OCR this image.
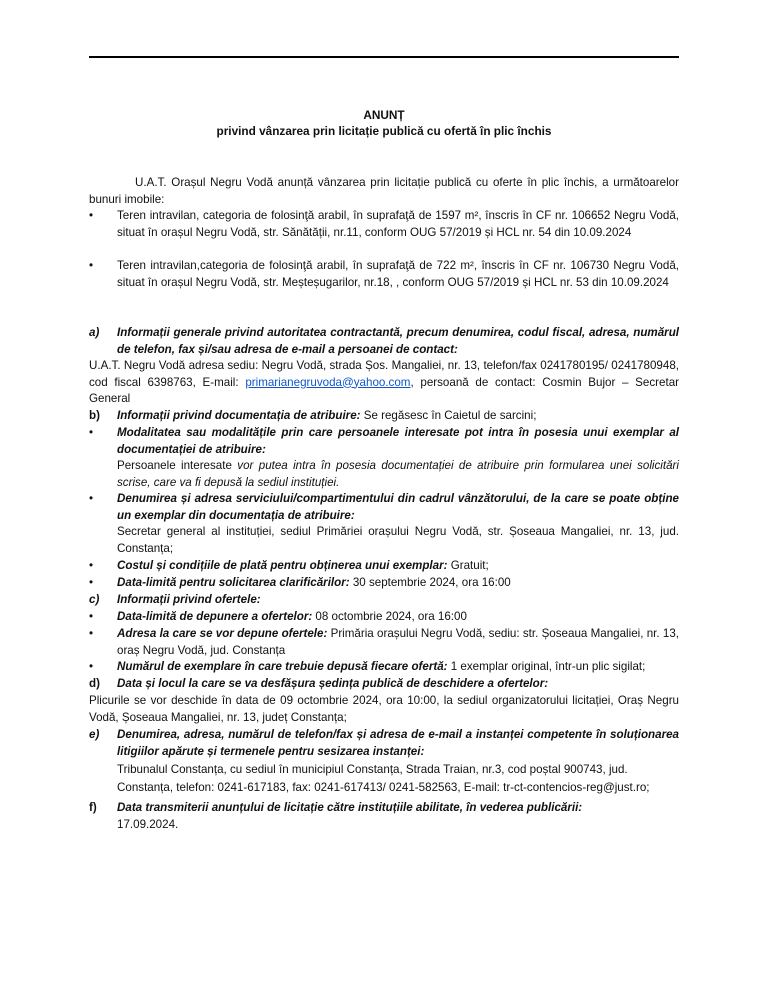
ANUNȚ
privind vânzarea prin licitație publică cu ofertă în plic închis
U.A.T. Orașul Negru Vodă anunță vânzarea prin licitație publică cu oferte în plic închis, a următoarelor bunuri imobile:
• Teren intravilan, categoria de folosinţă arabil, în suprafaţă de 1597 m², înscris în CF nr. 106652 Negru Vodă, situat în orașul Negru Vodă, str. Sănătății, nr.11, conform OUG 57/2019 și HCL nr. 54 din 10.09.2024
• Teren intravilan,categoria de folosinţă arabil, în suprafaţă de 722 m², înscris în CF nr. 106730 Negru Vodă, situat în orașul Negru Vodă, str. Meșteșugarilor, nr.18, , conform OUG 57/2019 și HCL nr. 53 din 10.09.2024
a) Informații generale privind autoritatea contractantă, precum denumirea, codul fiscal, adresa, numărul de telefon, fax și/sau adresa de e-mail a persoanei de contact:
U.A.T. Negru Vodă adresa sediu: Negru Vodă, strada Șos. Mangaliei, nr. 13, telefon/fax 0241780195/ 0241780948, cod fiscal 6398763, E-mail: primarianegruvoda@yahoo.com, persoană de contact: Cosmin Bujor – Secretar General
b) Informații privind documentația de atribuire: Se regăsesc în Caietul de sarcini;
• Modalitatea sau modalitățile prin care persoanele interesate pot intra în posesia unui exemplar al documentației de atribuire:
Persoanele interesate vor putea intra în posesia documentației de atribuire prin formularea unei solicitări scrise, care va fi depusă la sediul instituției.
• Denumirea și adresa serviciului/compartimentului din cadrul vânzătorului, de la care se poate obține un exemplar din documentația de atribuire:
Secretar general al instituției, sediul Primăriei orașului Negru Vodă, str. Șoseaua Mangaliei, nr. 13, jud. Constanța;
• Costul și condițiile de plată pentru obținerea unui exemplar: Gratuit;
• Data-limită pentru solicitarea clarificărilor: 30 septembrie 2024, ora 16:00
c) Informații privind ofertele:
• Data-limită de depunere a ofertelor: 08 octombrie 2024, ora 16:00
• Adresa la care se vor depune ofertele: Primăria orașului Negru Vodă, sediu: str. Șoseaua Mangaliei, nr. 13, oraș Negru Vodă, jud. Constanța
• Numărul de exemplare în care trebuie depusă fiecare ofertă: 1 exemplar original, într-un plic sigilat;
d) Data și locul la care se va desfășura ședința publică de deschidere a ofertelor:
Plicurile se vor deschide în data de 09 octombrie 2024, ora 10:00, la sediul organizatorului licitației, Oraș Negru Vodă, Șoseaua Mangaliei, nr. 13, județ Constanța;
e) Denumirea, adresa, numărul de telefon/fax și adresa de e-mail a instanței competente în soluționarea litigiilor apărute și termenele pentru sesizarea instanței:
Tribunalul Constanța, cu sediul în municipiul Constanța, Strada Traian, nr.3, cod poștal 900743, jud.
Constanța, telefon: 0241-617183, fax: 0241-617413/ 0241-582563, E-mail: tr-ct-contencios-reg@just.ro;
f) Data transmiterii anunțului de licitație către instituțiile abilitate, în vederea publicării:
17.09.2024.
